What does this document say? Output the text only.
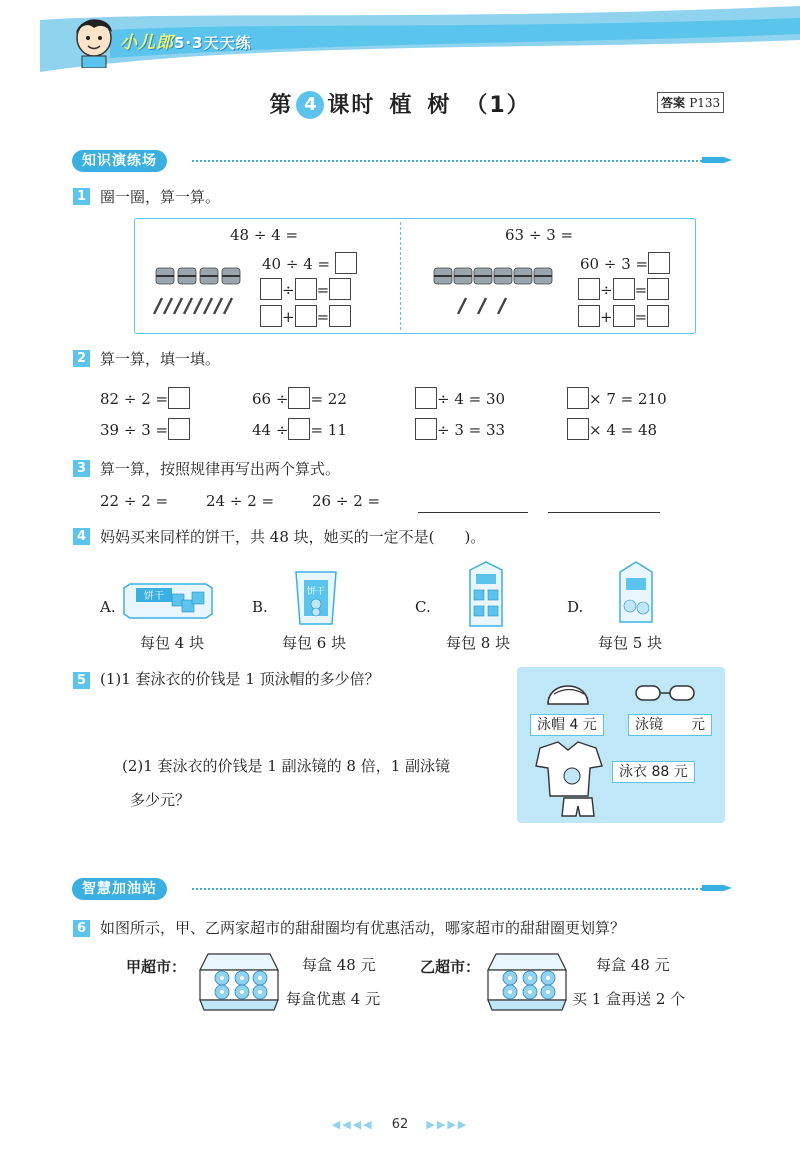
小儿郎5·3天天练
第 4 课时 植 树 （1）	答案 P133
知识演练场
1 圈一圈，算一算。
48 ÷ 4 =	63 ÷ 3 =
40 ÷ 4 =
÷ =
+ =
60 ÷ 3 =
÷ =
+ =
2 算一算，填一填。
82 ÷ 2 =	66 ÷ = 22	÷ 4 = 30	× 7 = 210
39 ÷ 3 =	44 ÷ = 11	÷ 3 = 33	× 4 = 48
3 算一算，按照规律再写出两个算式。
22 ÷ 2 =	24 ÷ 2 =	26 ÷ 2 =
4 妈妈买来同样的饼干，共 48 块，她买的一定不是(　　)。
A.
饼干
每包 4 块
B.
饼干
每包 6 块
C.
每包 8 块
D.
每包 5 块
5 (1)1 套泳衣的价钱是 1 顶泳帽的多少倍？
(2)1 套泳衣的价钱是 1 副泳镜的 8 倍，1 副泳镜
多少元？
泳帽 4 元	泳镜 元
泳衣 88 元
智慧加油站
6 如图所示，甲、乙两家超市的甜甜圈均有优惠活动，哪家超市的甜甜圈更划算？
甲超市：	每盒 48 元
每盒优惠 4 元
乙超市：	每盒 48 元
买 1 盒再送 2 个
◀◀◀◀ 62 ▶▶▶▶
